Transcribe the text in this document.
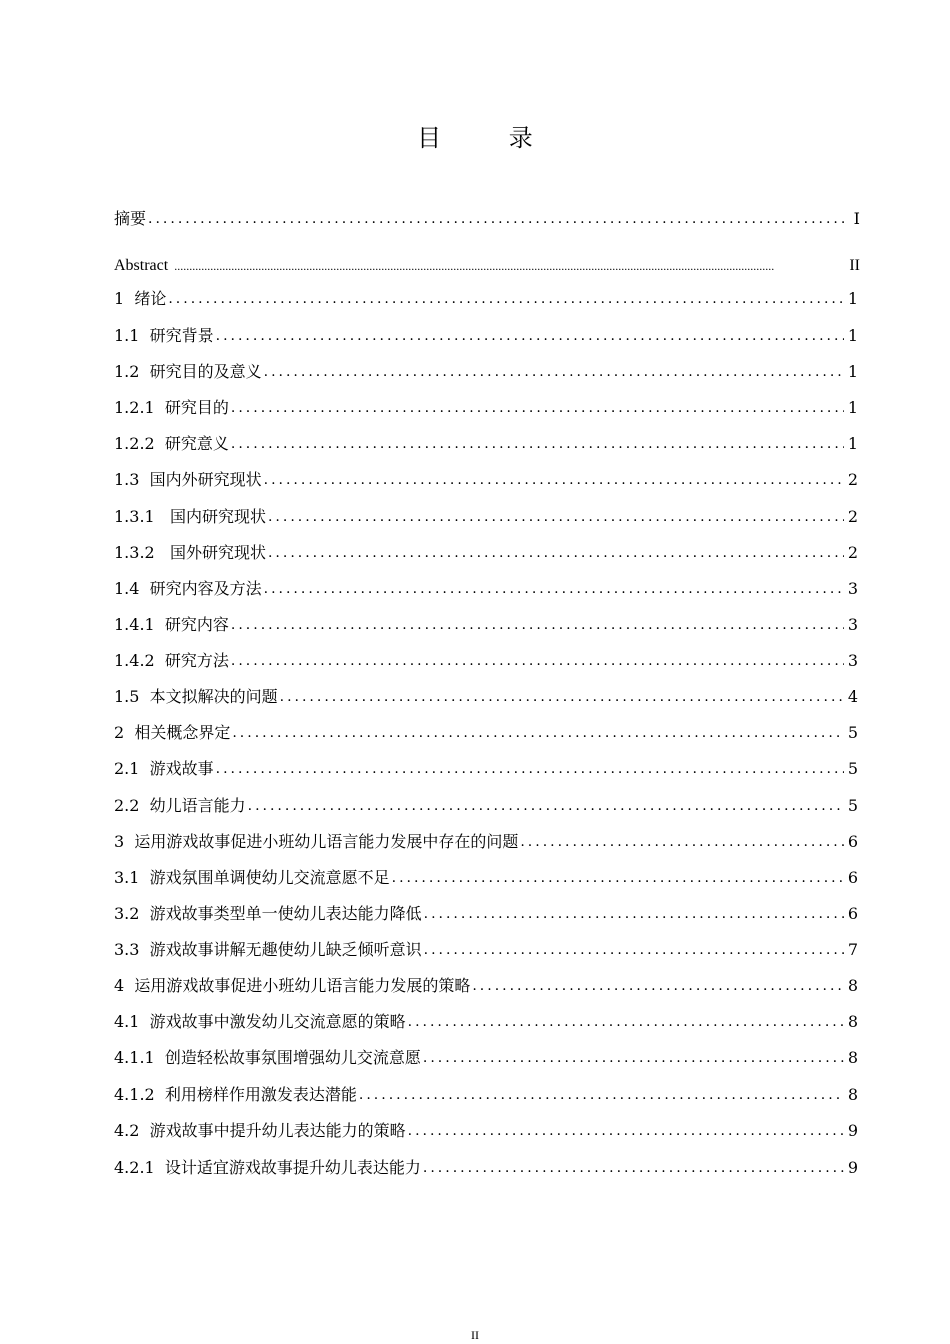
目 录
摘要 .....	I
Abstract .....	II
1  绪论 .....	1
1.1  研究背景 .....	1
1.2  研究目的及意义 .....	1
1.2.1  研究目的 .....	1
1.2.2  研究意义 .....	1
1.3  国内外研究现状 .....	2
1.3.1   国内研究现状 .....	2
1.3.2   国外研究现状 .....	2
1.4  研究内容及方法 .....	3
1.4.1  研究内容 .....	3
1.4.2  研究方法 .....	3
1.5  本文拟解决的问题 .....	4
2  相关概念界定 .....	5
2.1  游戏故事 .....	5
2.2  幼儿语言能力 .....	5
3  运用游戏故事促进小班幼儿语言能力发展中存在的问题 .....	6
3.1  游戏氛围单调使幼儿交流意愿不足 .....	6
3.2  游戏故事类型单一使幼儿表达能力降低 .....	6
3.3  游戏故事讲解无趣使幼儿缺乏倾听意识 .....	7
4  运用游戏故事促进小班幼儿语言能力发展的策略 .....	8
4.1  游戏故事中激发幼儿交流意愿的策略 .....	8
4.1.1  创造轻松故事氛围增强幼儿交流意愿 .....	8
4.1.2  利用榜样作用激发表达潜能 .....	8
4.2  游戏故事中提升幼儿表达能力的策略 .....	9
4.2.1  设计适宜游戏故事提升幼儿表达能力 .....	9
II
